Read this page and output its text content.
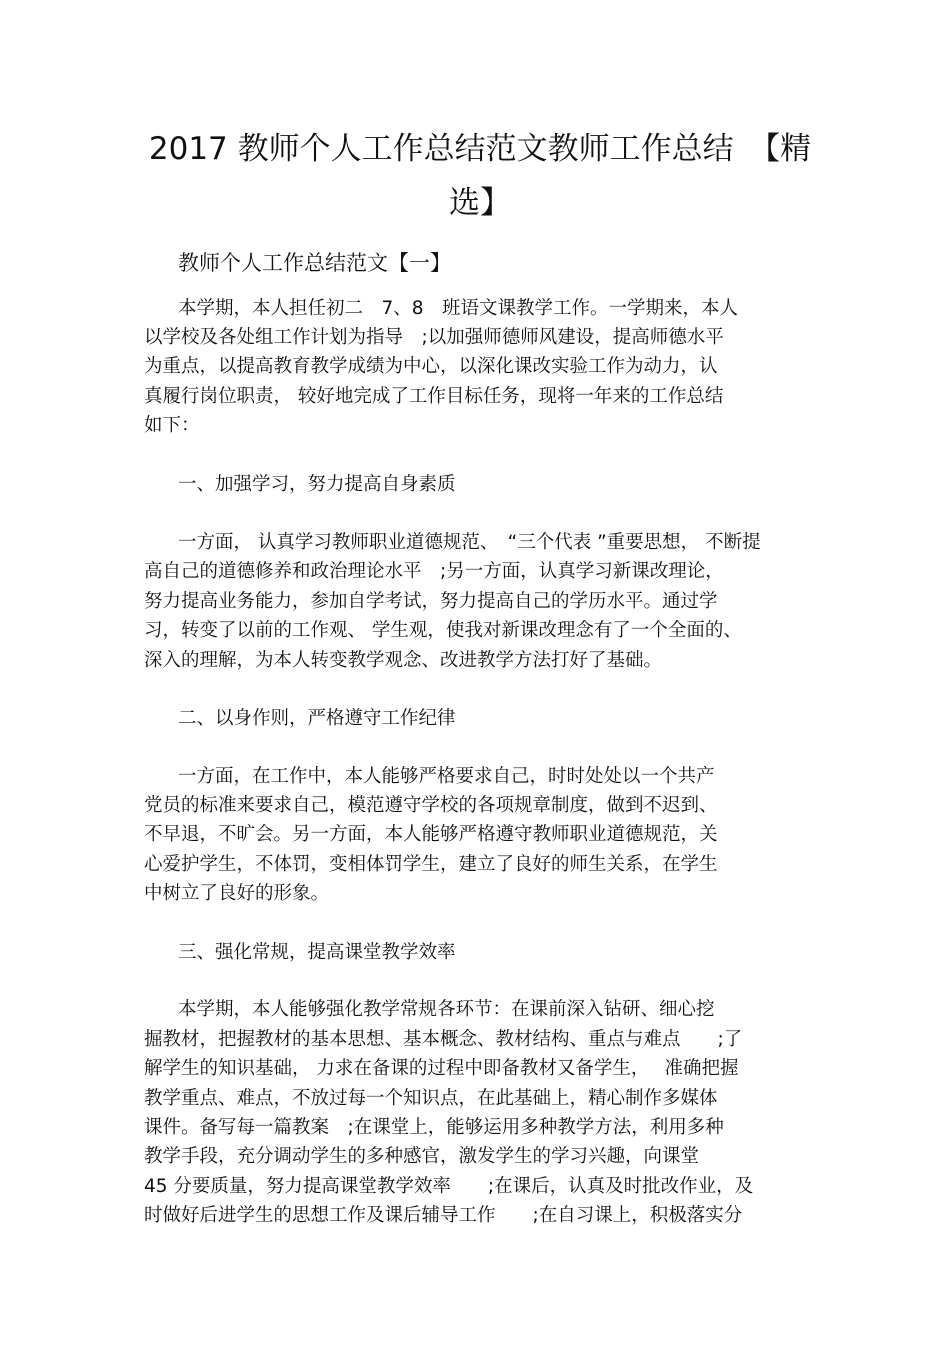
2017 教师个人工作总结范文教师工作总结　【精
选】
教师个人工作总结范文【一】
本学期，本人担任初二　7、8　班语文课教学工作。一学期来，本人
以学校及各处组工作计划为指导　;以加强师德师风建设，提高师德水平
为重点，以提高教育教学成绩为中心，以深化课改实验工作为动力，认
真履行岗位职责， 较好地完成了工作目标任务，现将一年来的工作总结
如下：
一、加强学习，努力提高自身素质
一方面， 认真学习教师职业道德规范、　“三个代表 ”重要思想， 不断提
高自己的道德修养和政治理论水平　;另一方面，认真学习新课改理论，
努力提高业务能力，参加自学考试，努力提高自己的学历水平。通过学
习，转变了以前的工作观、 学生观，使我对新课改理念有了一个全面的、
深入的理解，为本人转变教学观念、改进教学方法打好了基础。
二、以身作则，严格遵守工作纪律
一方面，在工作中，本人能够严格要求自己，时时处处以一个共产
党员的标准来要求自己，模范遵守学校的各项规章制度，做到不迟到、
不早退，不旷会。另一方面，本人能够严格遵守教师职业道德规范，关
心爱护学生，不体罚，变相体罚学生，建立了良好的师生关系，在学生
中树立了良好的形象。
三、强化常规，提高课堂教学效率
本学期，本人能够强化教学常规各环节：在课前深入钻研、细心挖
掘教材，把握教材的基本思想、基本概念、教材结构、重点与难点　　;了
解学生的知识基础， 力求在备课的过程中即备教材又备学生，　 准确把握
教学重点、难点，不放过每一个知识点，在此基础上，精心制作多媒体
课件。备写每一篇教案　;在课堂上，能够运用多种教学方法，利用多种
教学手段，充分调动学生的多种感官，激发学生的学习兴趣，向课堂
45 分要质量，努力提高课堂教学效率　　;在课后，认真及时批改作业，及
时做好后进学生的思想工作及课后辅导工作　　;在自习课上，积极落实分
